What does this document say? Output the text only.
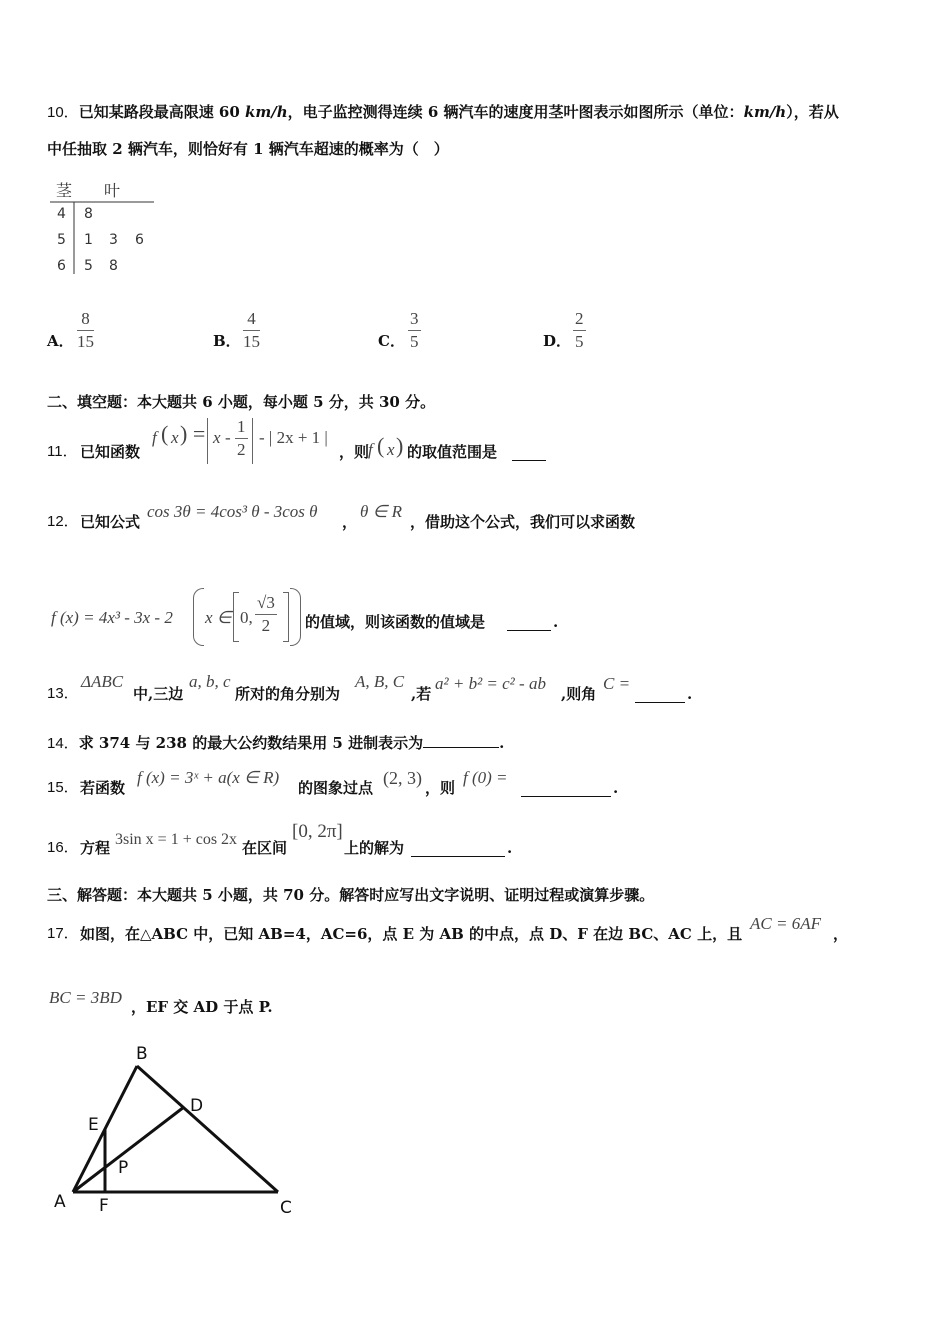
10．已知某路段最高限速 60 km/h，电子监控测得连续 6 辆汽车的速度用茎叶图表示如图所示（单位：km/h），若从
中任抽取 2 辆汽车，则恰好有 1 辆汽车超速的概率为（　）
茎 叶
4 8
5 1 3 6
6 5 8
A． $\frac{8}{15}$	B． $\frac{4}{15}$	C． $\frac{3}{5}$	D． $\frac{2}{5}$
二、填空题：本大题共 6 小题，每小题 5 分，共 30 分。
11． 已知函数
f ( x ) = x - $\frac{1}{2}$ - | 2x + 1 |
，则
f ( x ) 的取值范围是
12． 已知公式
cos 3θ = 4cos³ θ - 3cos θ
，
θ ∈ R
，借助这个公式，我们可以求函数
f (x) = 4x³ - 3x - 2 x ∈ 0, $\frac{√3}{2}$ 的值域，则该函数的值域是	.
13．
ΔABC
中,三边
a, b, c
所对的角分别为
A, B, C
,若
a² + b² = c² - ab
,则角
C =
.
14．求 374 与 238 的最大公约数结果用 5 进制表示为	.
15． 若函数
f (x) = 3ˣ + a(x ∈ R)
的图象过点 (2, 3) ，则
f (0) =
.
16． 方程 3sin x = 1 + cos 2x 在区间
[0, 2π]
上的解为	.
三、解答题：本大题共 5 小题，共 70 分。解答时应写出文字说明、证明过程或演算步骤。
17． 如图，在△ABC 中，已知 AB=4，AC=6，点 E 为 AB 的中点，点 D、F 在边 BC、AC 上，且
AC = 6AF
，
BC = 3BD ，EF 交 AD 于点 P.
A
B
C
D
E
F
P
